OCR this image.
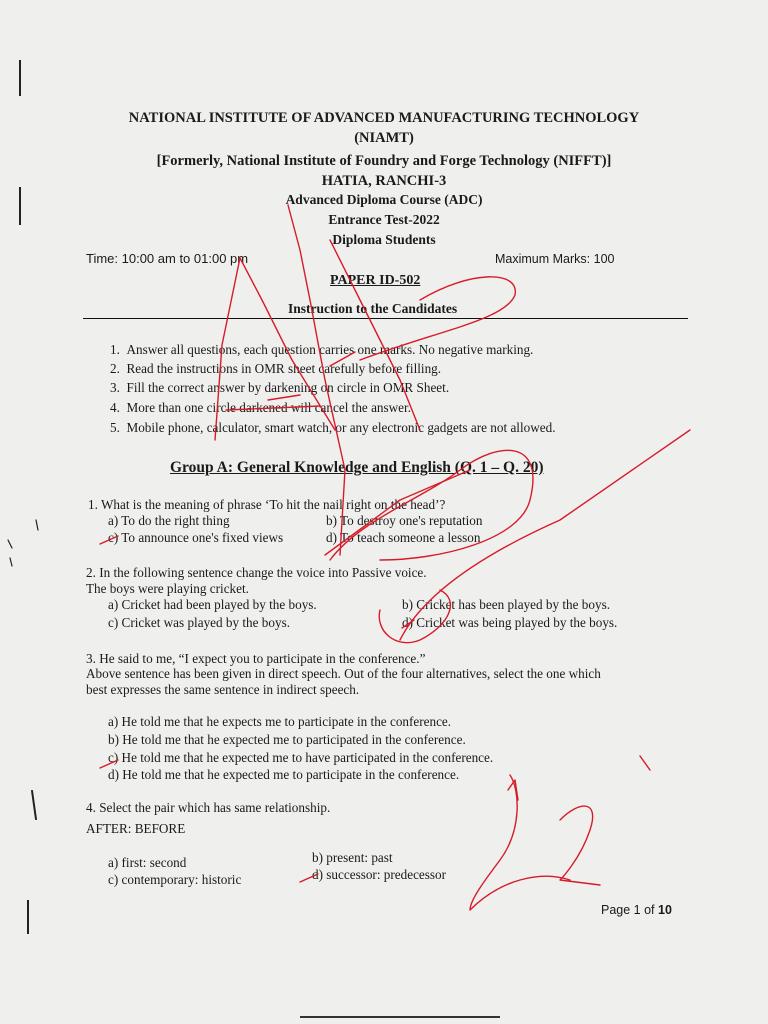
NATIONAL INSTITUTE OF ADVANCED MANUFACTURING TECHNOLOGY
(NIAMT)
[Formerly, National Institute of Foundry and Forge Technology (NIFFT)]
HATIA, RANCHI-3
Advanced Diploma Course (ADC)
Entrance Test-2022
Diploma Students
Time: 10:00 am to 01:00 pm	Maximum Marks: 100
PAPER ID-502
Instruction to the Candidates
1. Answer all questions, each question carries one marks. No negative marking.
2. Read the instructions in OMR sheet carefully before filling.
3. Fill the correct answer by darkening on circle in OMR Sheet.
4. More than one circle darkened will cancel the answer.
5. Mobile phone, calculator, smart watch, or any electronic gadgets are not allowed.
Group A: General Knowledge and English (Q. 1 – Q. 20)
1. What is the meaning of phrase ‘To hit the nail right on the head’?
a) To do the right thing	b) To destroy one's reputation
c) To announce one's fixed views	d) To teach someone a lesson
2. In the following sentence change the voice into Passive voice.
The boys were playing cricket.
a) Cricket had been played by the boys.	b) Cricket has been played by the boys.
c) Cricket was played by the boys.	d) Cricket was being played by the boys.
3. He said to me, “I expect you to participate in the conference.”
Above sentence has been given in direct speech. Out of the four alternatives, select the one which
best expresses the same sentence in indirect speech.
a) He told me that he expects me to participate in the conference.
b) He told me that he expected me to participated in the conference.
c) He told me that he expected me to have participated in the conference.
d) He told me that he expected me to participate in the conference.
4. Select the pair which has same relationship.
AFTER: BEFORE
a) first: second	b) present: past
c) contemporary: historic	d) successor: predecessor
Page 1 of 10
